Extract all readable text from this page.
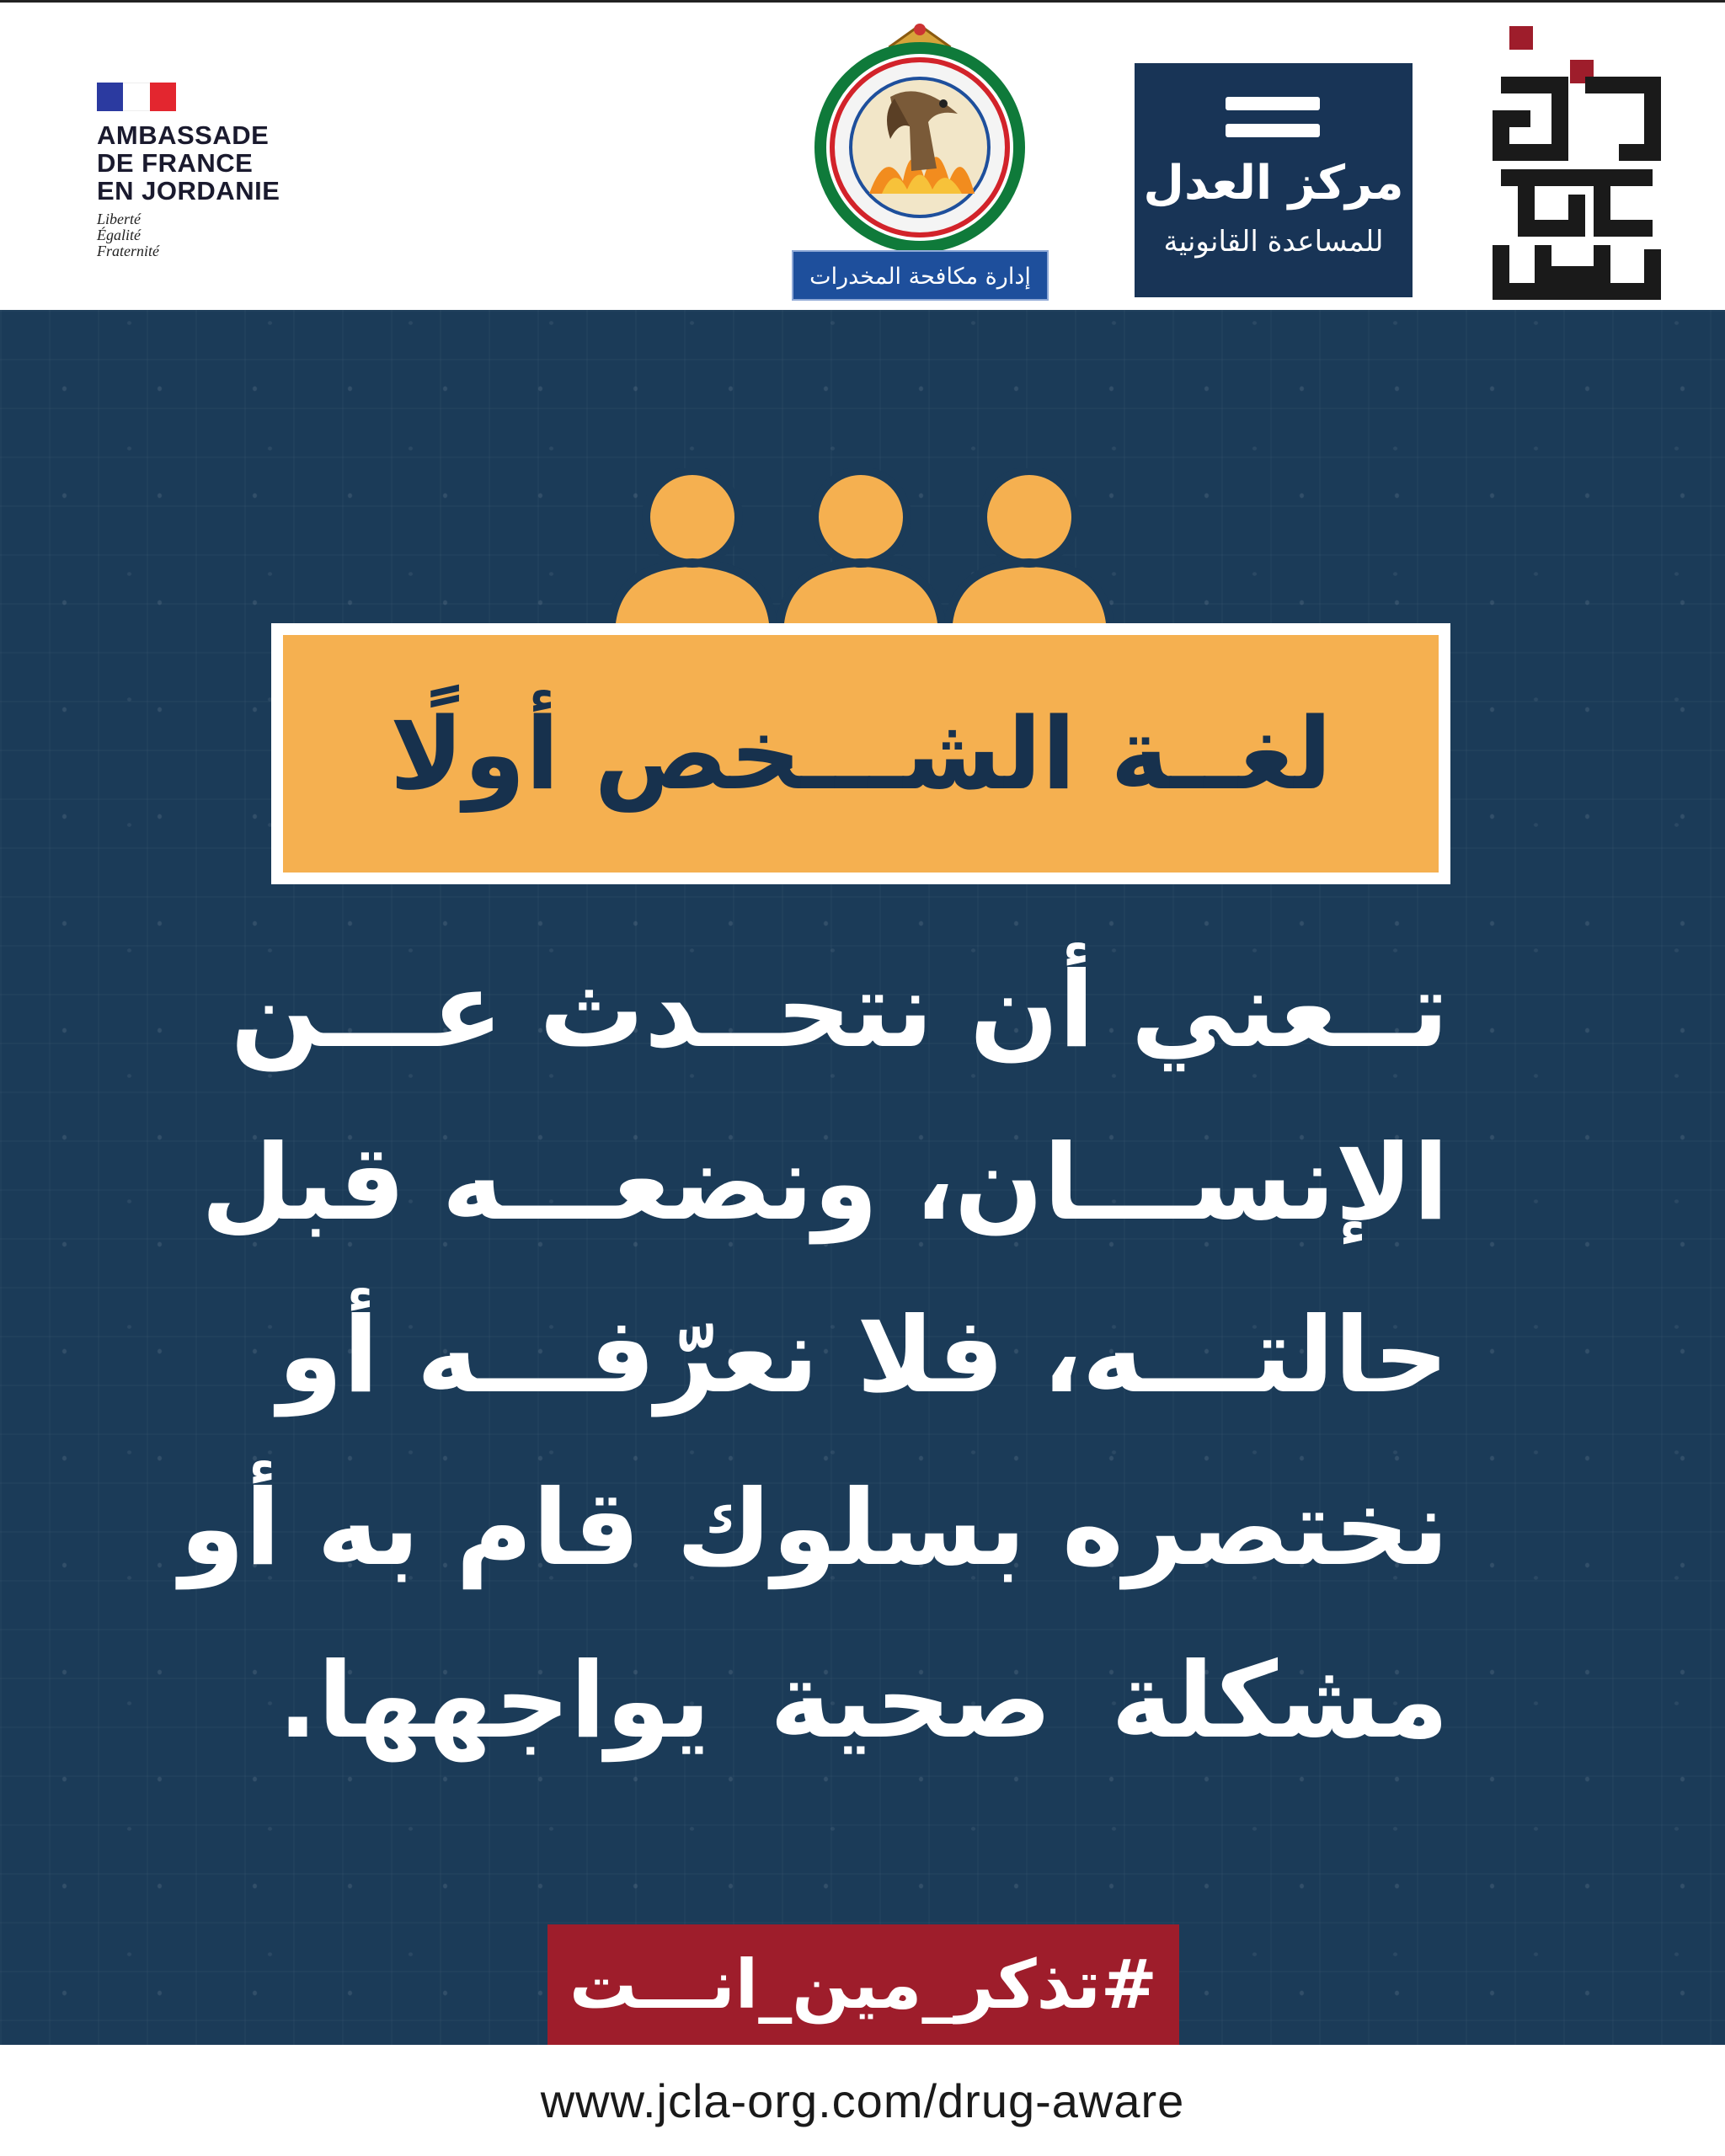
AMBASSADE
DE FRANCE
EN JORDANIE
Liberté
Égalité
Fraternité
إدارة مكافحة المخدرات
مركز العدل
للمساعدة القانونية
لغــة الشـــخص أولًا
تــعني أن نتحــدث عـــن
الإنســـان، ونضعـــه قبل
حالتـــه، فلا نعرّفـــه أو
نختصره بسلوك قام به أو
مشكلة صحية يواجهها.
#تذكر_مين_انـــت
www.jcla-org.com/drug-aware
